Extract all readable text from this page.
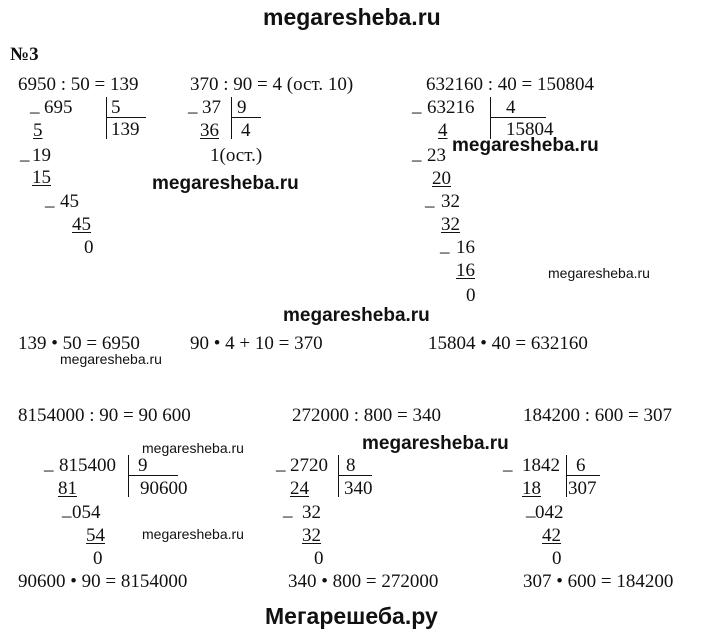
megaresheba.ru
№3
6950 : 50 = 139	370 : 90 = 4 (ост. 10)	632160 : 40 = 150804
_ 695 5
139
5
_ 19
15
_ 45
45
0
_ 37 9
4
36
1(ост.)
_ 63216 4
15804
4
_ 23
20
_ 32
32
_ 16
16
0
139 • 50 = 6950	90 • 4 + 10 = 370	15804 • 40 = 632160
8154000 : 90 = 90 600	272000 : 800 = 340	184200 : 600 = 307
_ 815400 9
90600
81
_ 054
54
0
_ 2720 8
340
24
_ 32
32
0
_ 1842 6
307
18
_ 042
42
0
90600 • 90 = 8154000	340 • 800 = 272000	307 • 600 = 184200
megaresheba.ru
megaresheba.ru
megaresheba.ru
megaresheba.ru
megaresheba.ru
megaresheba.ru	megaresheba.ru
megaresheba.ru
Мегарешеба.ру
